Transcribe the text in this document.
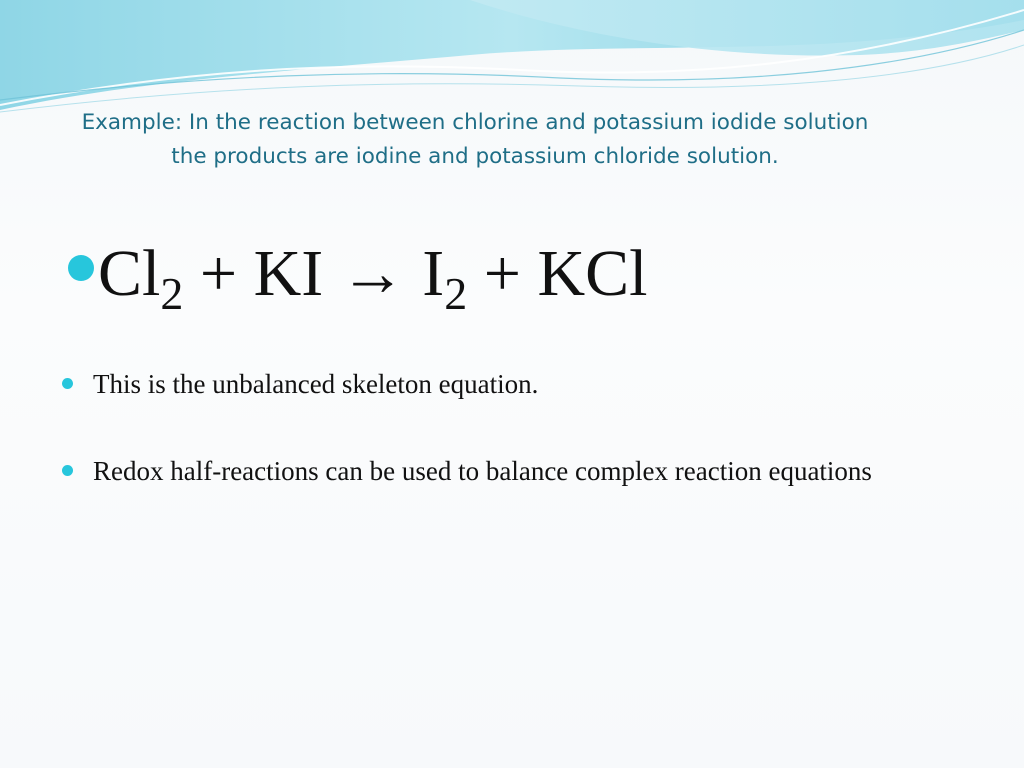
Example: In the reaction between chlorine and potassium iodide solution
the products are iodine and potassium chloride solution.
$Cl_2$ + KI → $I_2$ + KCl
This is the unbalanced skeleton equation.
Redox half-reactions can be used to balance complex reaction equations
